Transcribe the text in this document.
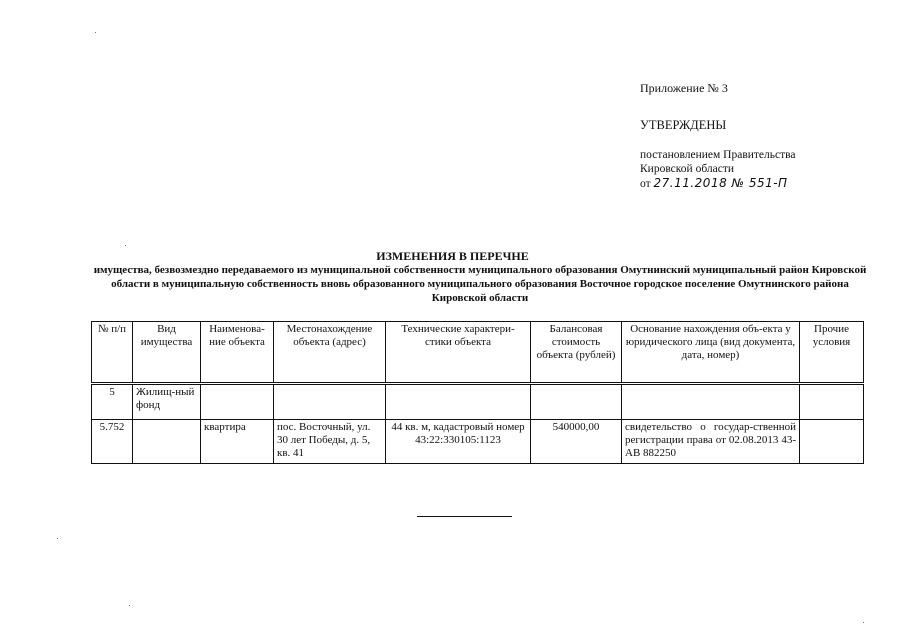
Приложение № 3
УТВЕРЖДЕНЫ
постановлением Правительства
Кировской области
от 27.11.2018 № 551-П
ИЗМЕНЕНИЯ В ПЕРЕЧНЕ
имущества, безвозмездно передаваемого из муниципальной собственности муниципального образования Омутнинский муниципальный район Кировской области в муниципальную собственность вновь образованного муниципального образования Восточное городское поселение Омутнинского района Кировской области
№ п/п	Вид имущества	Наименова-ние объекта	Местонахождение объекта (адрес)	Технические характери-стики объекта	Балансовая стоимость объекта (рублей)	Основание нахождения объ-екта у юридического лица (вид документа, дата, номер)	Прочие условия
5	Жилищ-ный фонд						
5.752		квартира	пос. Восточный, ул. 30 лет Победы, д. 5, кв. 41	44 кв. м, кадастровый номер 43:22:330105:1123	540000,00	свидетельство о государ-ственной регистрации права от 02.08.2013 43-АВ 882250	
